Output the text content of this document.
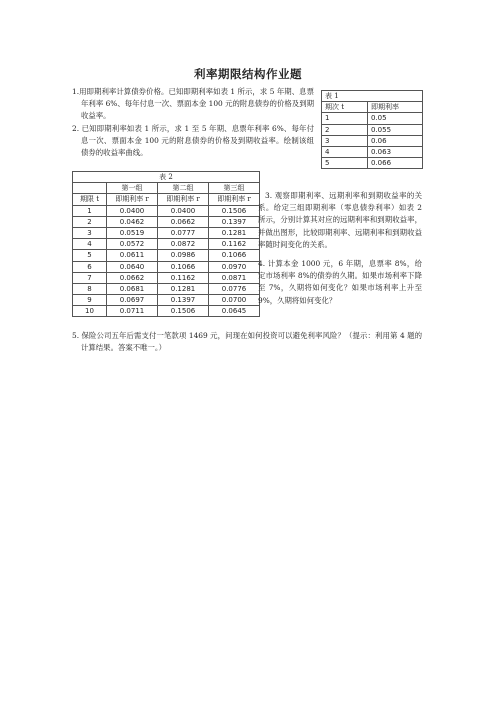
利率期限结构作业题
1.用即期利率计算债券价格。已知即期利率如表 1 所示，求 5 年期、息票年利率 6%、每年付息一次、票面本金 100 元的附息债券的价格及到期收益率。
2. 已知即期利率如表 1 所示，求 1 至 5 年期、息票年利率 6%、每年付息一次、票面本金 100 元的附息债券的价格及到期收益率。绘制该组债券的收益率曲线。
表 1	
期次 t	即期利率
1	0.05
2	0.055
3	0.06
4	0.063
5	0.066
表 2			
	第一组	第二组	第三组
期限 t	即期利率 r	即期利率 r	即期利率 r
1	0.0400	0.0400	0.1506
2	0.0462	0.0662	0.1397
3	0.0519	0.0777	0.1281
4	0.0572	0.0872	0.1162
5	0.0611	0.0986	0.1066
6	0.0640	0.1066	0.0970
7	0.0662	0.1162	0.0871
8	0.0681	0.1281	0.0776
9	0.0697	0.1397	0.0700
10	0.0711	0.1506	0.0645
3. 观察即期利率、远期利率和到期收益率的关系。给定三组即期利率（零息债券利率）如表 2 所示，分别计算其对应的远期利率和到期收益率，并做出图形，比较即期利率、远期利率和到期收益率随时间变化的关系。
4. 计算本金 1000 元，6 年期，息票率 8%，给定市场利率 8%的债券的久期。如果市场利率下降至 7%，久期将如何变化？如果市场利率上升至 9%，久期将如何变化？
5. 保险公司五年后需支付一笔款项 1469 元，问现在如何投资可以避免利率风险？（提示：利用第 4 题的计算结果。答案不唯一。）
